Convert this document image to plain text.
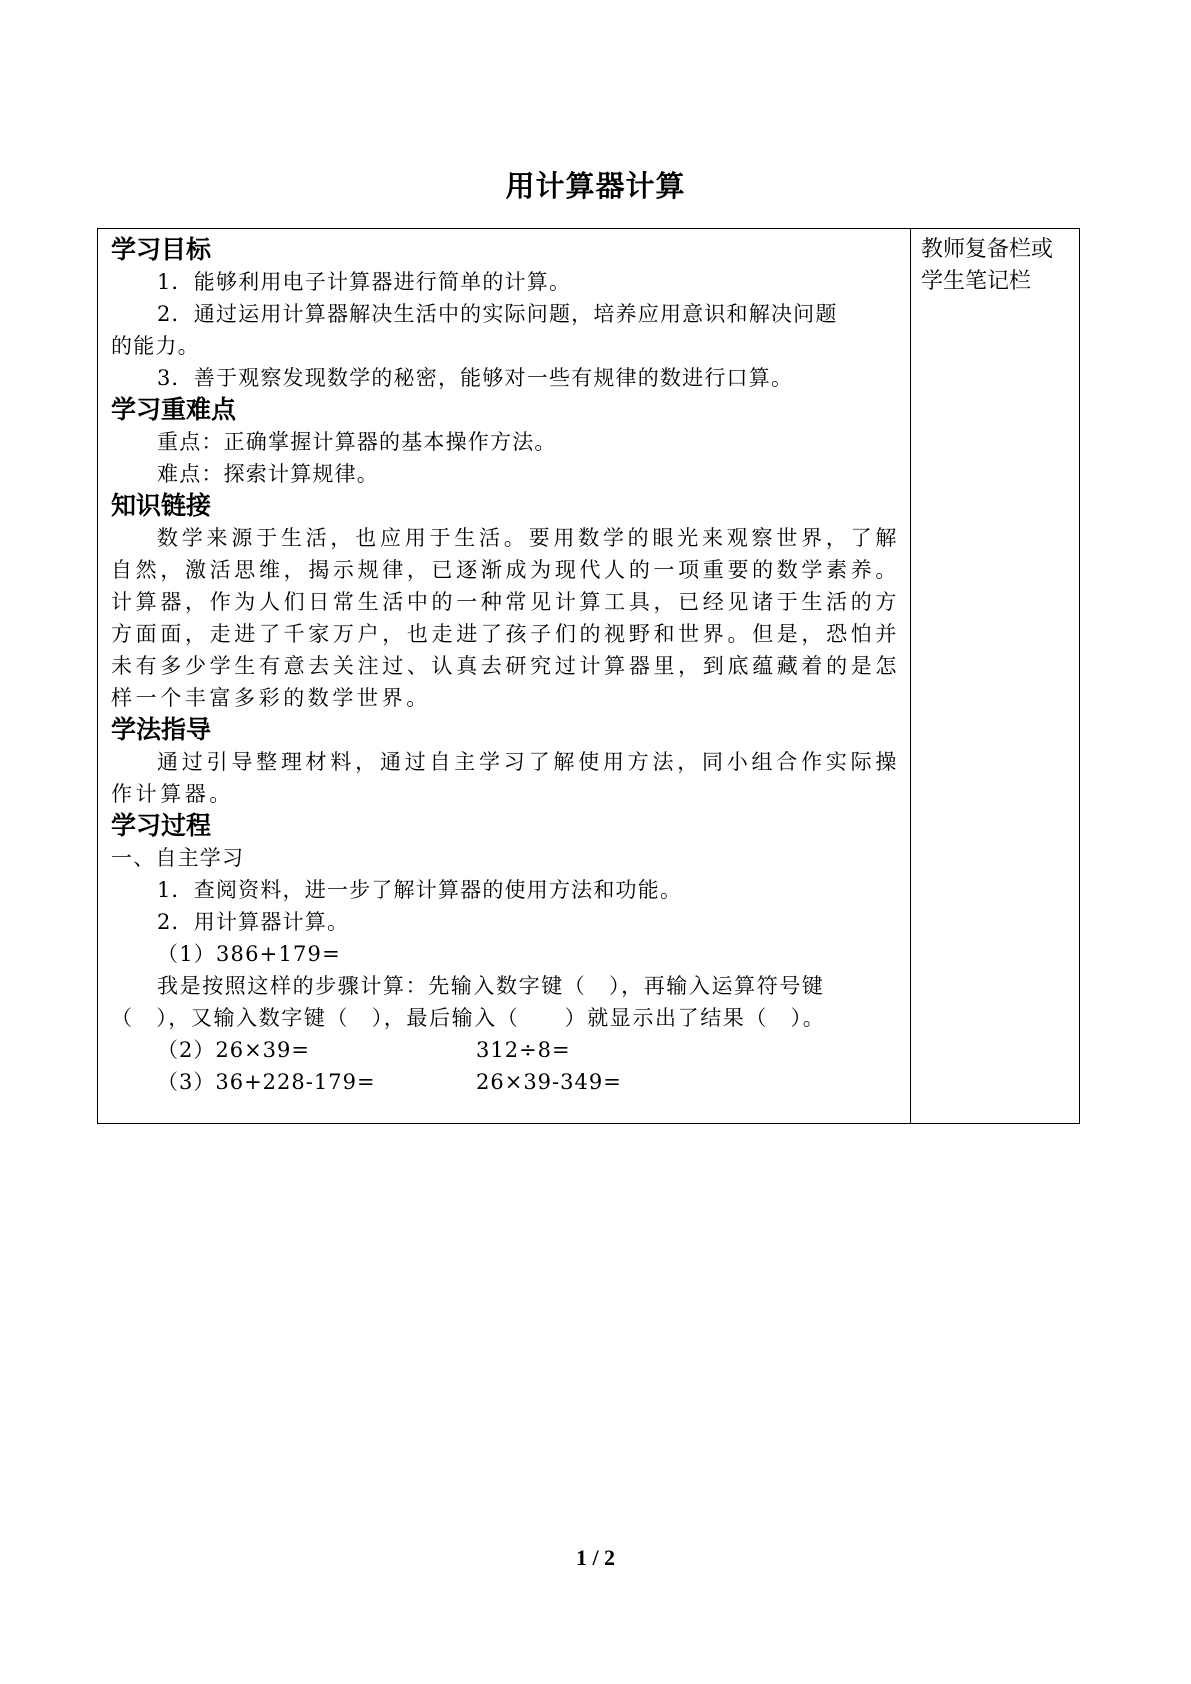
用计算器计算
学习目标
1．能够利用电子计算器进行简单的计算。
2．通过运用计算器解决生活中的实际问题，培养应用意识和解决问题
的能力。
3．善于观察发现数学的秘密，能够对一些有规律的数进行口算。
学习重难点
重点：正确掌握计算器的基本操作方法。
难点：探索计算规律。
知识链接
数学来源于生活，也应用于生活。要用数学的眼光来观察世界，了解自然，激活思维，揭示规律，已逐渐成为现代人的一项重要的数学素养。计算器，作为人们日常生活中的一种常见计算工具，已经见诸于生活的方方面面，走进了千家万户，也走进了孩子们的视野和世界。但是，恐怕并未有多少学生有意去关注过、认真去研究过计算器里，到底蕴藏着的是怎样一个丰富多彩的数学世界。
学法指导
通过引导整理材料，通过自主学习了解使用方法，同小组合作实际操作计算器。
学习过程
一、自主学习
1．查阅资料，进一步了解计算器的使用方法和功能。
2．用计算器计算。
（1）386+179=
我是按照这样的步骤计算：先输入数字键（　），再输入运算符号键（　），又输入数字键（　），最后输入（　　）就显示出了结果（　）。
（2）26×39=	312÷8=
（3）36+228-179=	26×39-349=
教师复备栏或
学生笔记栏
1 / 2
